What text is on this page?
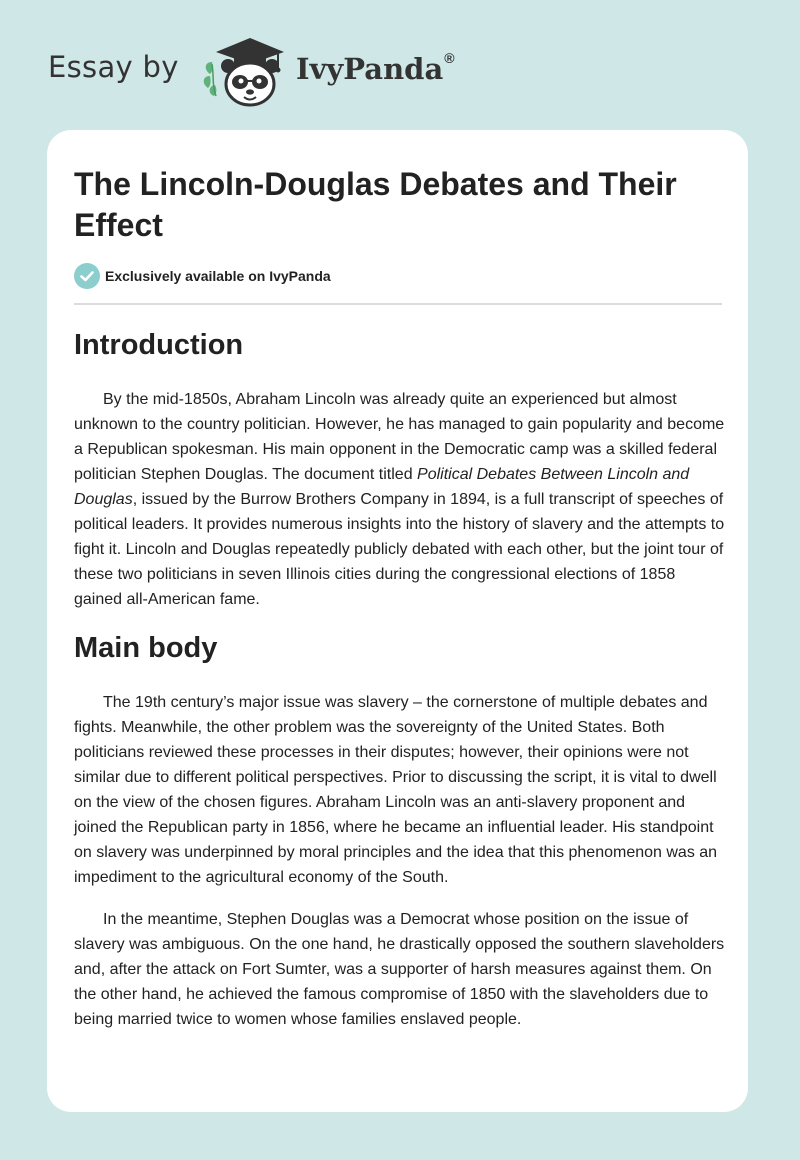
Essay by	IvyPanda®
The Lincoln-Douglas Debates and Their Effect
Exclusively available on IvyPanda
Introduction

By the mid-1850s, Abraham Lincoln was already quite an experienced but almost unknown to the country politician. However, he has managed to gain popularity and become a Republican spokesman. His main opponent in the Democratic camp was a skilled federal politician Stephen Douglas. The document titled Political Debates Between Lincoln and Douglas, issued by the Burrow Brothers Company in 1894, is a full transcript of speeches of political leaders. It provides numerous insights into the history of slavery and the attempts to fight it. Lincoln and Douglas repeatedly publicly debated with each other, but the joint tour of these two politicians in seven Illinois cities during the congressional elections of 1858 gained all-American fame.

Main body

The 19th century’s major issue was slavery – the cornerstone of multiple debates and fights. Meanwhile, the other problem was the sovereignty of the United States. Both politicians reviewed these processes in their disputes; however, their opinions were not similar due to different political perspectives. Prior to discussing the script, it is vital to dwell on the view of the chosen figures. Abraham Lincoln was an anti-slavery proponent and joined the Republican party in 1856, where he became an influential leader. His standpoint on slavery was underpinned by moral principles and the idea that this phenomenon was an impediment to the agricultural economy of the South.

In the meantime, Stephen Douglas was a Democrat whose position on the issue of slavery was ambiguous. On the one hand, he drastically opposed the southern slaveholders and, after the attack on Fort Sumter, was a supporter of harsh measures against them. On the other hand, he achieved the famous compromise of 1850 with the slaveholders due to being married twice to women whose families enslaved people.
